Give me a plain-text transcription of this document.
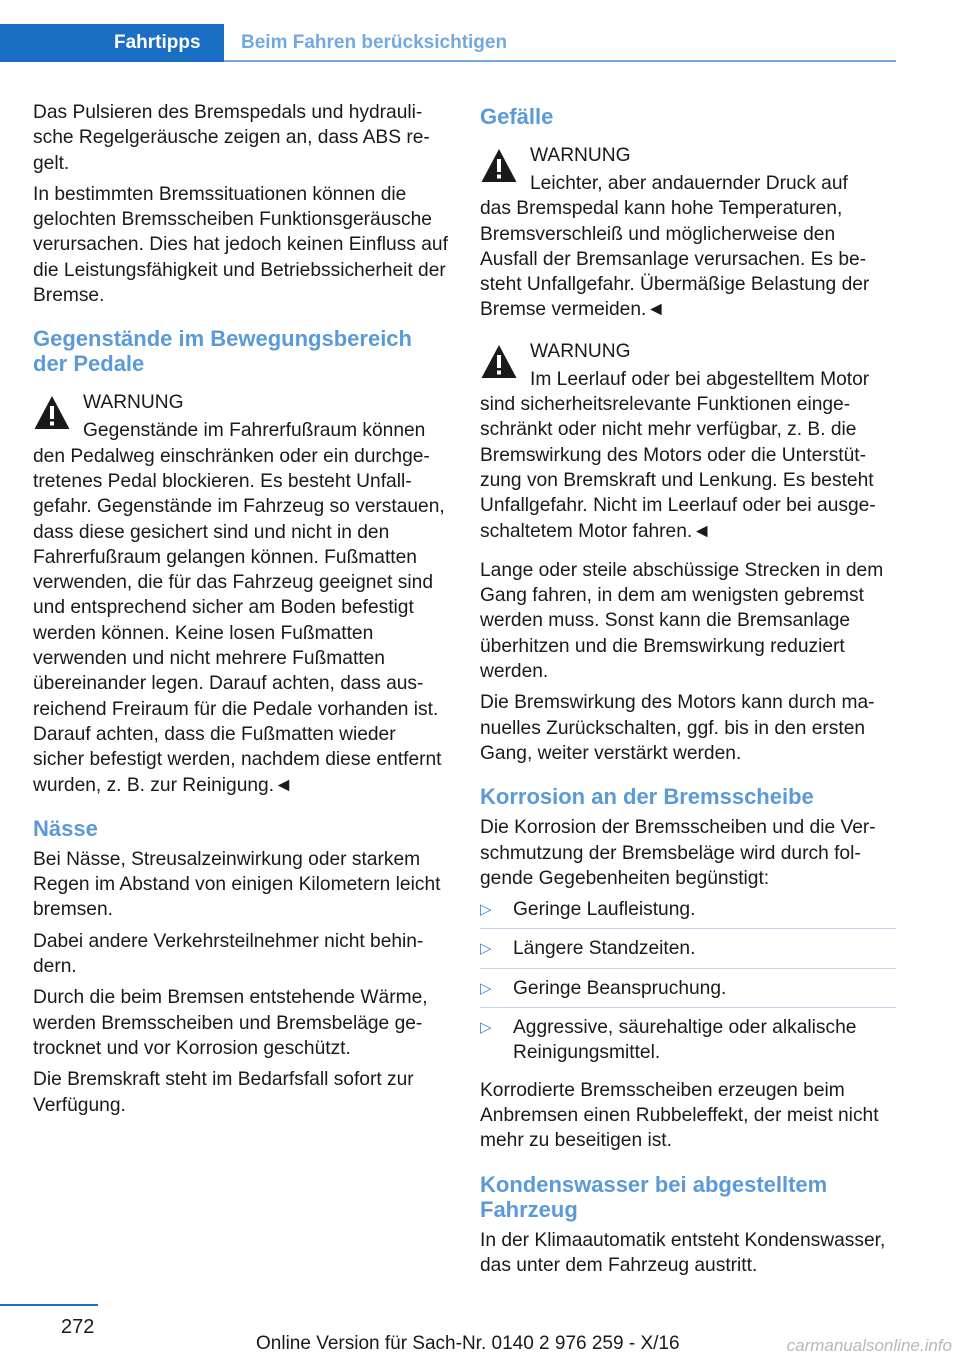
Fahrtipps	Beim Fahren berücksichtigen

Das Pulsieren des Bremspedals und hydraulische Regelgeräusche zeigen an, dass ABS regelt.

In bestimmten Bremssituationen können die gelochten Bremsscheiben Funktionsgeräusche verursachen. Dies hat jedoch keinen Einfluss auf die Leistungsfähigkeit und Betriebssicherheit der Bremse.

Gegenstände im Bewegungsbereich der Pedale
WARNUNG
Gegenstände im Fahrerfußraum können
den Pedalweg einschränken oder ein durchgetretenes Pedal blockieren. Es besteht Unfallgefahr. Gegenstände im Fahrzeug so verstauen, dass diese gesichert sind und nicht in den Fahrerfußraum gelangen können. Fußmatten verwenden, die für das Fahrzeug geeignet sind und entsprechend sicher am Boden befestigt werden können. Keine losen Fußmatten verwenden und nicht mehrere Fußmatten übereinander legen. Darauf achten, dass ausreichend Freiraum für die Pedale vorhanden ist. Darauf achten, dass die Fußmatten wieder sicher befestigt werden, nachdem diese entfernt wurden, z. B. zur Reinigung.◄
Nässe

Bei Nässe, Streusalzeinwirkung oder starkem Regen im Abstand von einigen Kilometern leicht bremsen.

Dabei andere Verkehrsteilnehmer nicht behindern.

Durch die beim Bremsen entstehende Wärme, werden Bremsscheiben und Bremsbeläge getrocknet und vor Korrosion geschützt.

Die Bremskraft steht im Bedarfsfall sofort zur Verfügung.

Gefälle
WARNUNG
Leichter, aber andauernder Druck auf
das Bremspedal kann hohe Temperaturen, Bremsverschleiß und möglicherweise den Ausfall der Bremsanlage verursachen. Es besteht Unfallgefahr. Übermäßige Belastung der Bremse vermeiden.◄
WARNUNG
Im Leerlauf oder bei abgestelltem Motor
sind sicherheitsrelevante Funktionen eingeschränkt oder nicht mehr verfügbar, z. B. die Bremswirkung des Motors oder die Unterstützung von Bremskraft und Lenkung. Es besteht Unfallgefahr. Nicht im Leerlauf oder bei ausgeschaltetem Motor fahren.◄

Lange oder steile abschüssige Strecken in dem Gang fahren, in dem am wenigsten gebremst werden muss. Sonst kann die Bremsanlage überhitzen und die Bremswirkung reduziert werden.

Die Bremswirkung des Motors kann durch manuelles Zurückschalten, ggf. bis in den ersten Gang, weiter verstärkt werden.

Korrosion an der Bremsscheibe

Die Korrosion der Bremsscheiben und die Verschmutzung der Bremsbeläge wird durch folgende Gegebenheiten begünstigt:

▷ Geringe Laufleistung.
▷ Längere Standzeiten.
▷ Geringe Beanspruchung.
▷ Aggressive, säurehaltige oder alkalische Reinigungsmittel.

Korrodierte Bremsscheiben erzeugen beim Anbremsen einen Rubbeleffekt, der meist nicht mehr zu beseitigen ist.

Kondenswasser bei abgestelltem Fahrzeug

In der Klimaautomatik entsteht Kondenswasser, das unter dem Fahrzeug austritt.

272
Online Version für Sach-Nr. 0140 2 976 259 - X/16	carmanualsonline.info
